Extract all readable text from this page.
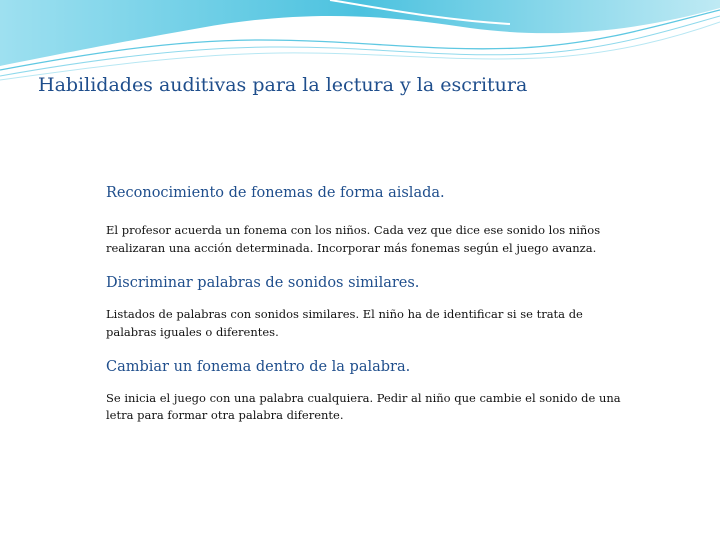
Habilidades auditivas para la lectura y la escritura

Reconocimiento de fonemas de forma aislada.

El profesor acuerda un fonema con los niños. Cada vez que dice ese sonido los niños realizaran una acción determinada. Incorporar más fonemas según el juego avanza.

Discriminar palabras de sonidos similares.

Listados de palabras con sonidos similares. El niño ha de identificar si se trata de palabras iguales o diferentes.

Cambiar un fonema dentro de la palabra.

Se inicia el juego con una palabra cualquiera. Pedir al niño que cambie el sonido de una letra para formar otra palabra diferente.
